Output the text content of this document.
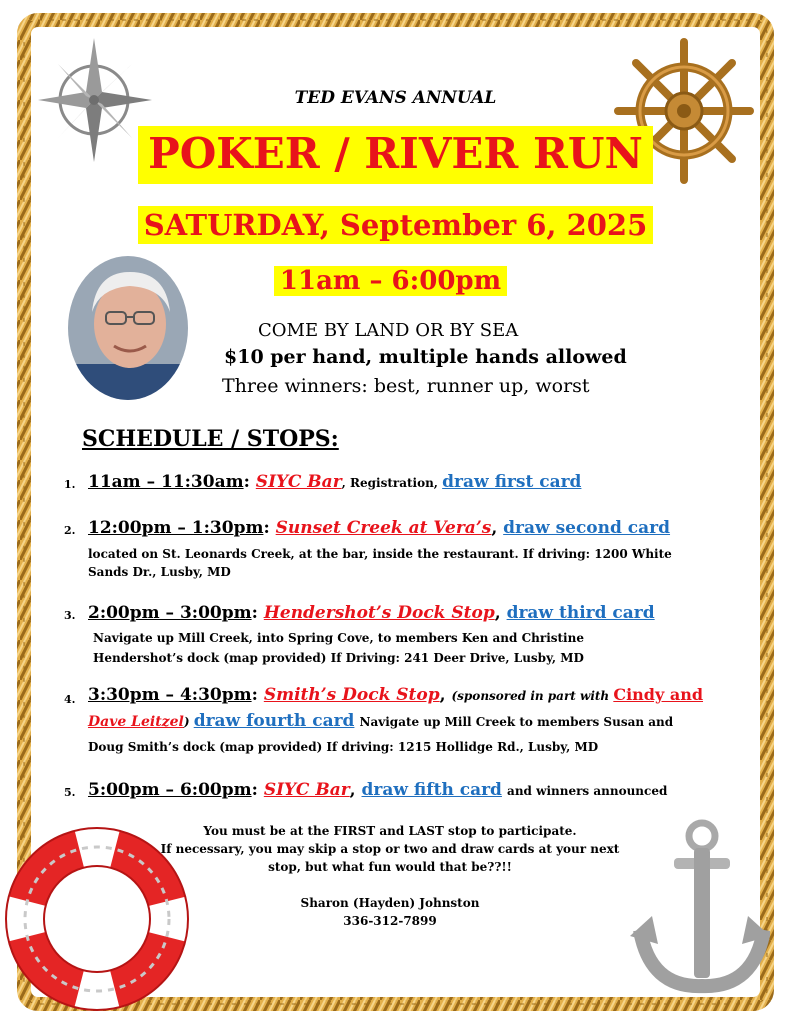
TED EVANS ANNUAL
POKER / RIVER RUN
SATURDAY, September 6, 2025
11am – 6:00pm
COME BY LAND OR BY SEA
$10 per hand, multiple hands allowed
Three winners: best, runner up, worst
SCHEDULE / STOPS:
1. 11am – 11:30am: SIYC Bar, Registration, draw first card
2. 12:00pm – 1:30pm: Sunset Creek at Vera’s, draw second card
located on St. Leonards Creek, at the bar, inside the restaurant. If driving: 1200 White
Sands Dr., Lusby, MD
3. 2:00pm – 3:00pm: Hendershot’s Dock Stop, draw third card
Navigate up Mill Creek, into Spring Cove, to members Ken and Christine
Hendershot’s dock (map provided) If Driving: 241 Deer Drive, Lusby, MD
4. 3:30pm – 4:30pm: Smith’s Dock Stop, (sponsored in part with Cindy and
Dave Leitzel) draw fourth card Navigate up Mill Creek to members Susan and
Doug Smith’s dock (map provided) If driving: 1215 Hollidge Rd., Lusby, MD
5. 5:00pm – 6:00pm: SIYC Bar, draw fifth card and winners announced
You must be at the FIRST and LAST stop to participate.
If necessary, you may skip a stop or two and draw cards at your next
stop, but what fun would that be??!!
Sharon (Hayden) Johnston
336-312-7899
